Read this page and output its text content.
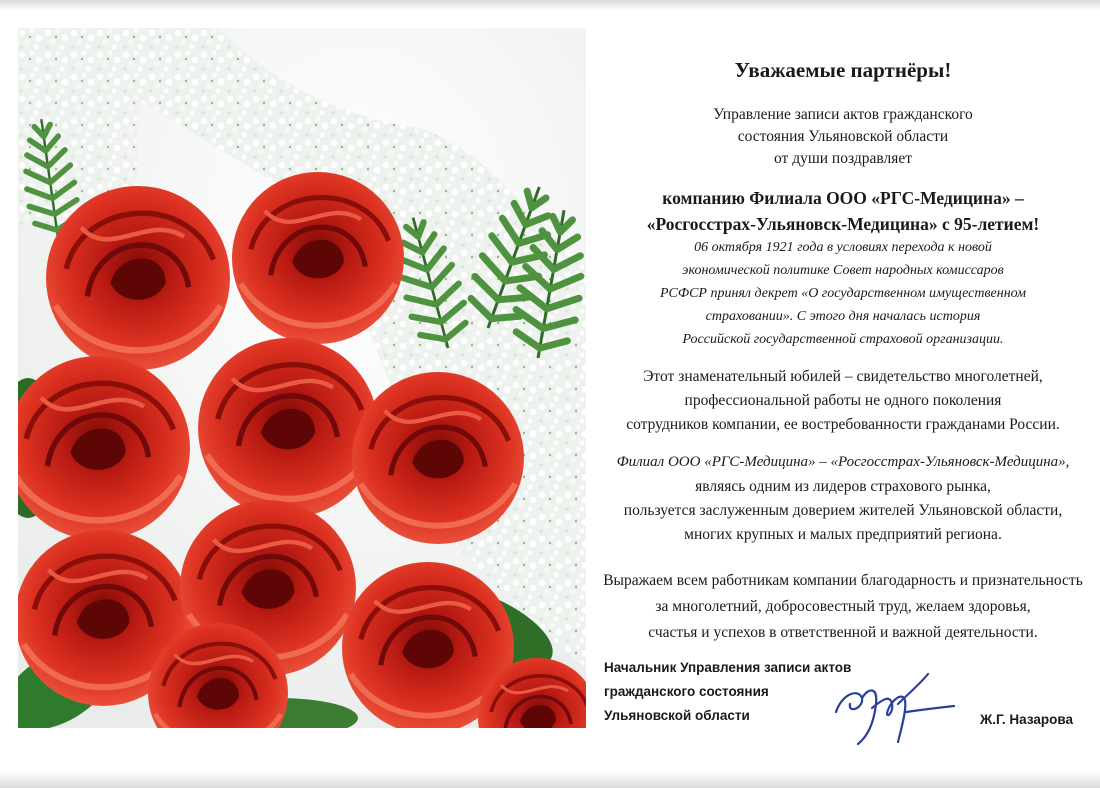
Уважаемые партнёры!
Управление записи актов гражданского
состояния Ульяновской области
от души поздравляет
компанию Филиала ООО «РГС-Медицина» –
«Росгосстрах-Ульяновск-Медицина» с 95-летием!
06 октября 1921 года в условиях перехода к новой
экономической политике Совет народных комиссаров
РСФСР принял декрет «О государственном имущественном
страховании». С этого дня началась история
Российской государственной страховой организации.
Этот знаменательный юбилей – свидетельство многолетней,
профессиональной работы не одного поколения
сотрудников компании, ее востребованности гражданами России.
Филиал ООО «РГС-Медицина» – «Росгосстрах-Ульяновск-Медицина»,
являясь одним из лидеров страхового рынка,
пользуется заслуженным доверием жителей Ульяновской области,
многих крупных и малых предприятий региона.
Выражаем всем работникам компании благодарность и признательность
за многолетний, добросовестный труд, желаем здоровья,
счастья и успехов в ответственной и важной деятельности.
Начальник Управления записи актов
гражданского состояния
Ульяновской области	Ж.Г. Назарова
